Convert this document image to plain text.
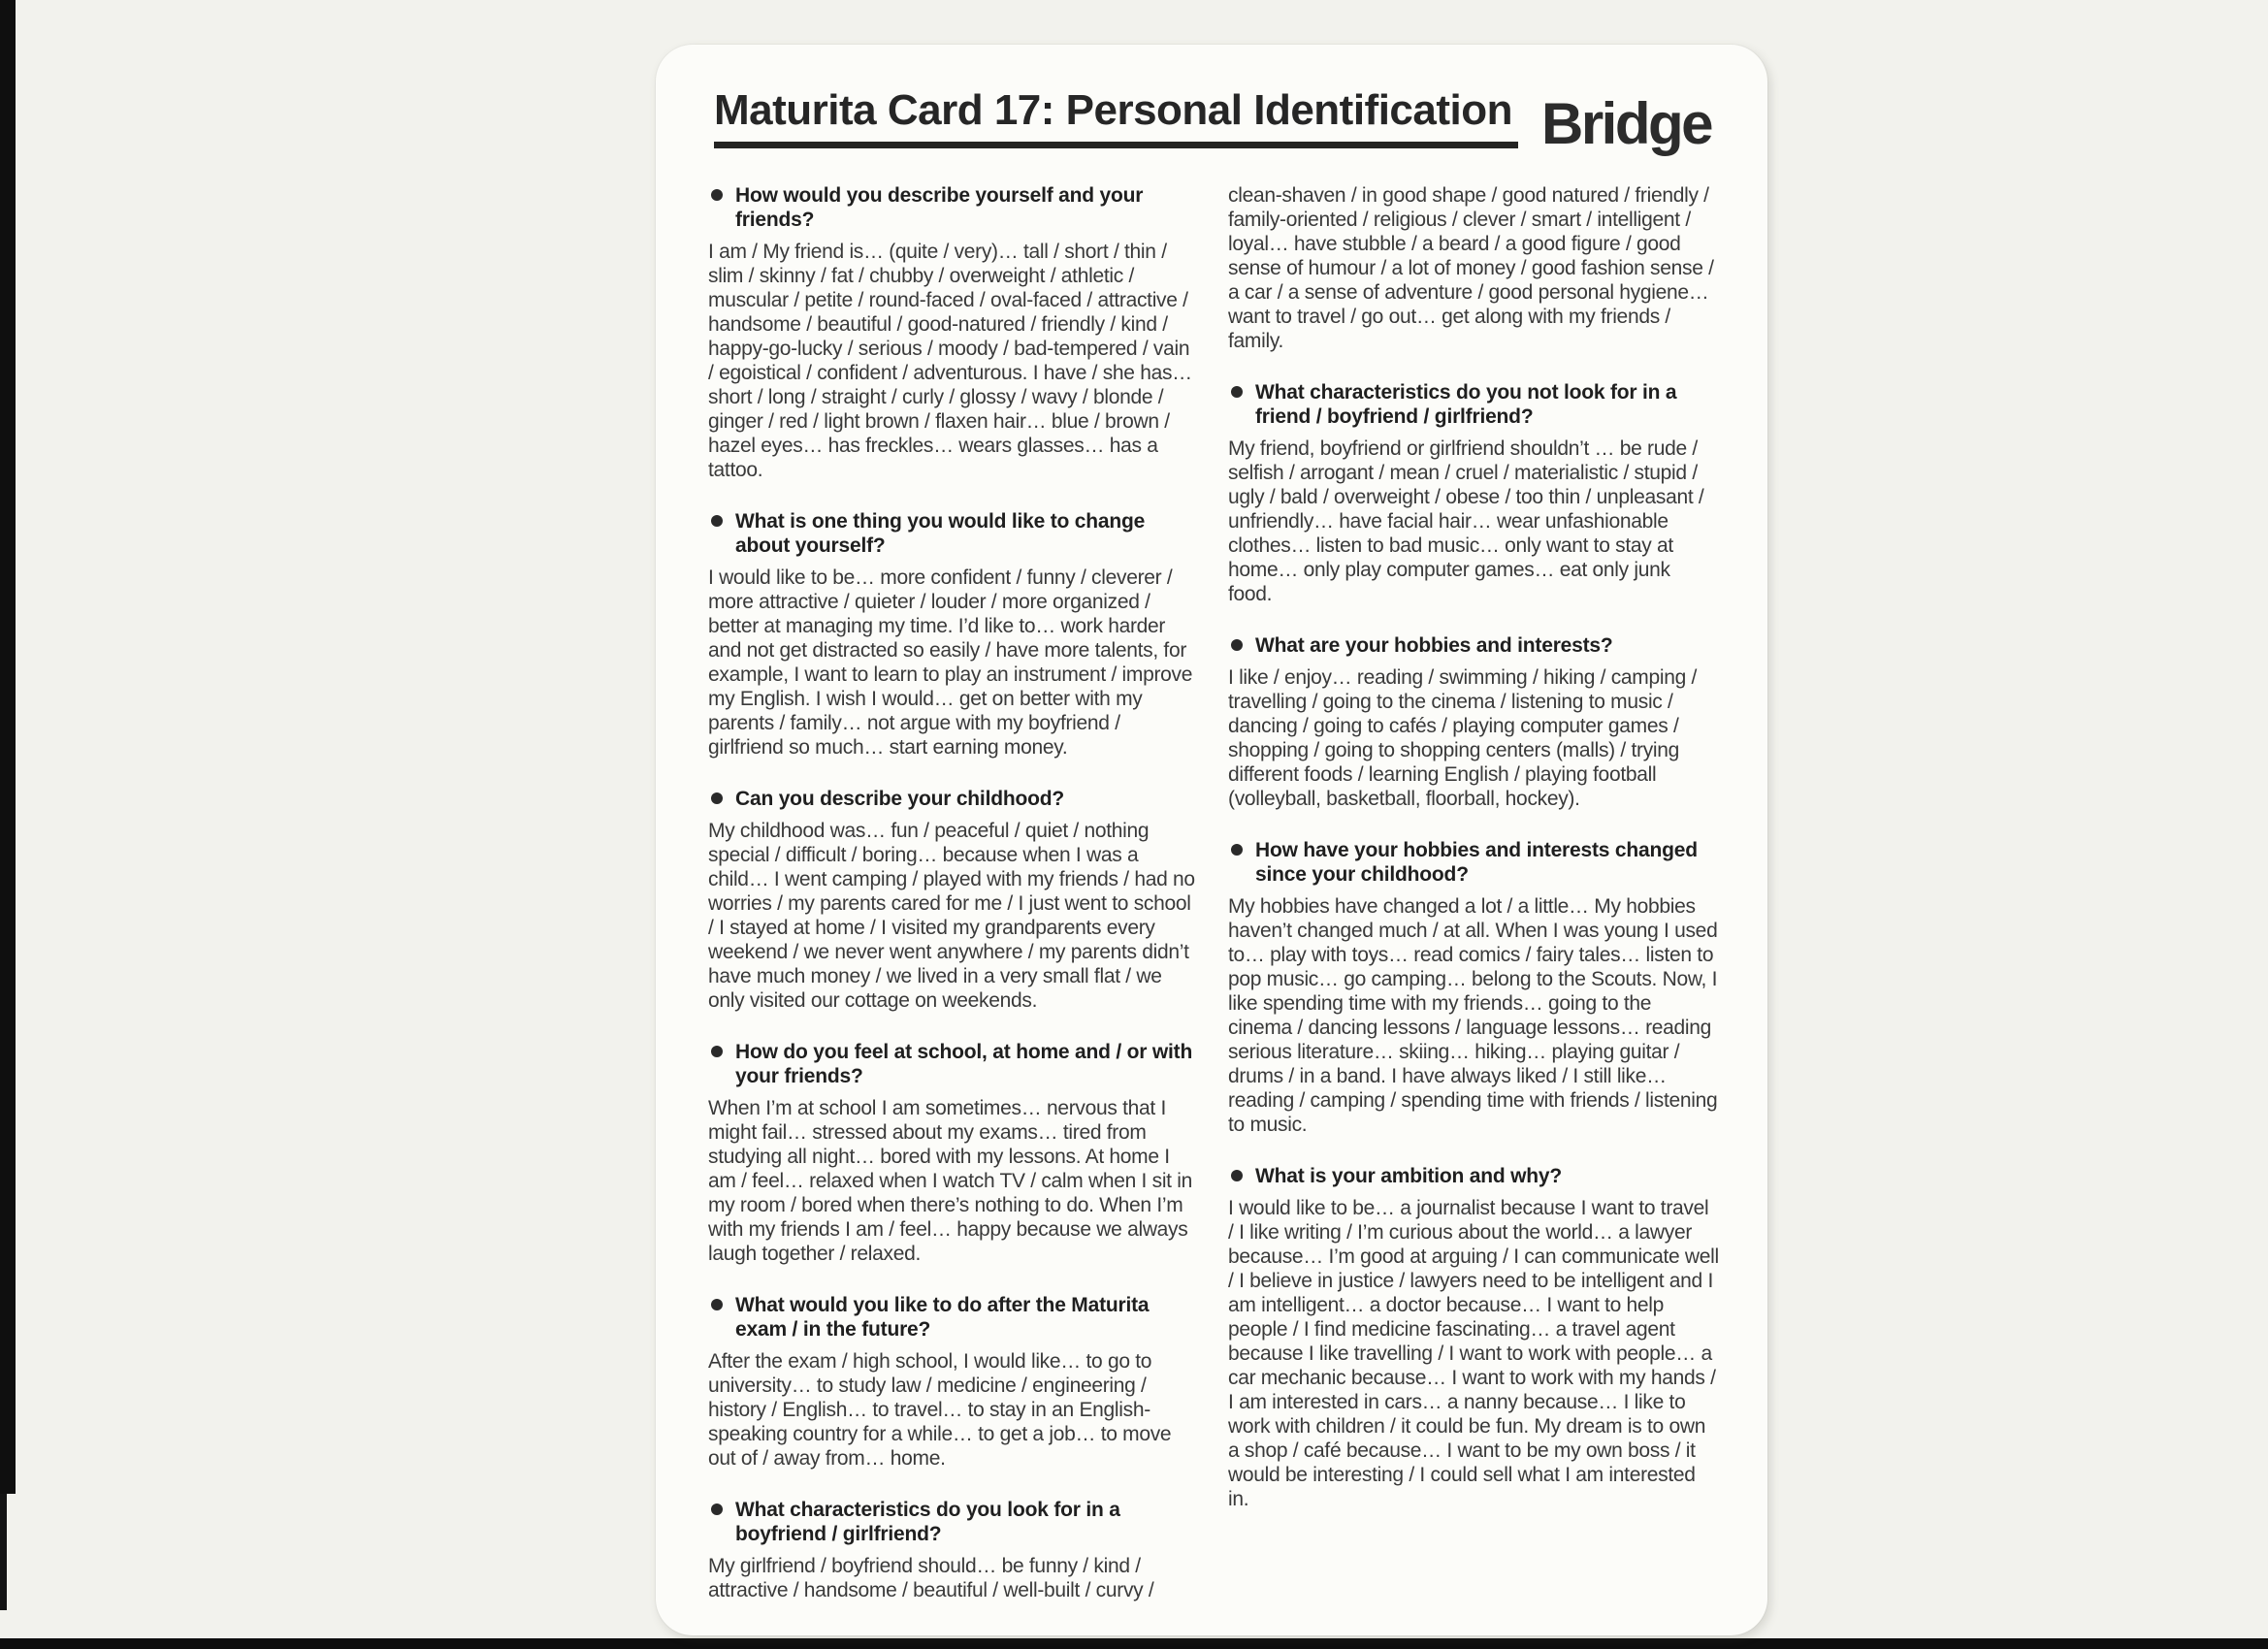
Maturita Card 17: Personal Identification Bridge
How would you describe yourself and your friends?

I am / My friend is… (quite / very)… tall / short / thin / slim / skinny / fat / chubby / overweight / athletic / muscular / petite / round-faced / oval-faced / attractive / handsome / beautiful / good-natured / friendly / kind / happy-go-lucky / serious / moody / bad-tempered / vain / egoistical / confident / adventurous. I have / she has… short / long / straight / curly / glossy / wavy / blonde / ginger / red / light brown / flaxen hair… blue / brown / hazel eyes… has freckles… wears glasses… has a tattoo.

What is one thing you would like to change about yourself?

I would like to be… more confident / funny / cleverer / more attractive / quieter / louder / more organized / better at managing my time. I’d like to… work harder and not get distracted so easily / have more talents, for example, I want to learn to play an instrument / improve my English. I wish I would… get on better with my parents / family… not argue with my boyfriend / girlfriend so much… start earning money.

Can you describe your childhood?

My childhood was… fun / peaceful / quiet / nothing special / difficult / boring… because when I was a child… I went camping / played with my friends / had no worries / my parents cared for me / I just went to school / I stayed at home / I visited my grandparents every weekend / we never went anywhere / my parents didn’t have much money / we lived in a very small flat / we only visited our cottage on weekends.

How do you feel at school, at home and / or with your friends?

When I’m at school I am sometimes… nervous that I might fail… stressed about my exams… tired from studying all night… bored with my lessons. At home I am / feel… relaxed when I watch TV / calm when I sit in my room / bored when there’s nothing to do. When I’m with my friends I am / feel… happy because we always laugh together / relaxed.

What would you like to do after the Maturita exam / in the future?

After the exam / high school, I would like… to go to university… to study law / medicine / engineering / history / English… to travel… to stay in an English-speaking country for a while… to get a job… to move out of / away from… home.

What characteristics do you look for in a boyfriend / girlfriend?

My girlfriend / boyfriend should… be funny / kind / attractive / handsome / beautiful / well-built / curvy /

clean-shaven / in good shape / good natured / friendly / family-oriented / religious / clever / smart / intelligent / loyal… have stubble / a beard / a good figure / good sense of humour / a lot of money / good fashion sense / a car / a sense of adventure / good personal hygiene… want to travel / go out… get along with my friends / family.

What characteristics do you not look for in a friend / boyfriend / girlfriend?

My friend, boyfriend or girlfriend shouldn’t … be rude / selfish / arrogant / mean / cruel / materialistic / stupid / ugly / bald / overweight / obese / too thin / unpleasant / unfriendly… have facial hair… wear unfashionable clothes… listen to bad music… only want to stay at home… only play computer games… eat only junk food.

What are your hobbies and interests?

I like / enjoy… reading / swimming / hiking / camping / travelling / going to the cinema / listening to music / dancing / going to cafés / playing computer games / shopping / going to shopping centers (malls) / trying different foods / learning English / playing football (volleyball, basketball, floorball, hockey).

How have your hobbies and interests changed since your childhood?

My hobbies have changed a lot / a little… My hobbies haven’t changed much / at all. When I was young I used to… play with toys… read comics / fairy tales… listen to pop music… go camping… belong to the Scouts. Now, I like spending time with my friends… going to the cinema / dancing lessons / language lessons… reading serious literature… skiing… hiking… playing guitar / drums / in a band. I have always liked / I still like… reading / camping / spending time with friends / listening to music.

What is your ambition and why?

I would like to be… a journalist because I want to travel / I like writing / I’m curious about the world… a lawyer because… I’m good at arguing / I can communicate well / I believe in justice / lawyers need to be intelligent and I am intelligent… a doctor because… I want to help people / I find medicine fascinating… a travel agent because I like travelling / I want to work with people… a car mechanic because… I want to work with my hands / I am interested in cars… a nanny because… I like to work with children / it could be fun. My dream is to own a shop / café because… I want to be my own boss / it would be interesting / I could sell what I am interested in.
